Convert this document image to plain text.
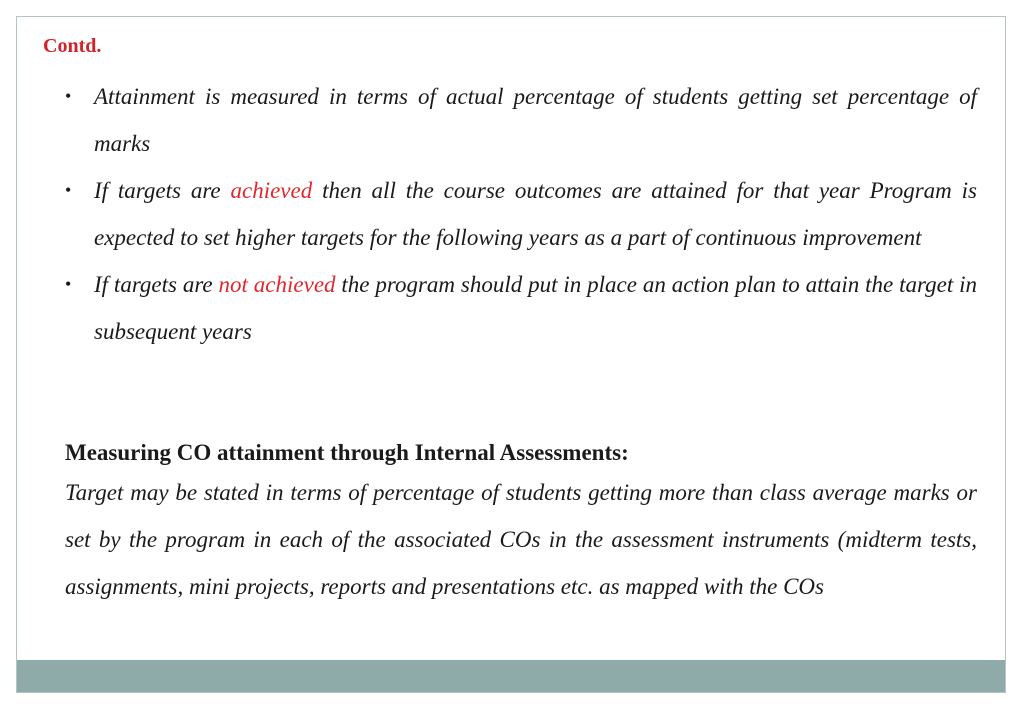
Contd.
• Attainment is measured in terms of actual percentage of students getting set percentage of marks
• If targets are achieved then all the course outcomes are attained for that year Program is expected to set higher targets for the following years as a part of continuous improvement
• If targets are not achieved the program should put in place an action plan to attain the target in subsequent years
Measuring CO attainment through Internal Assessments:

Target may be stated in terms of percentage of students getting more than class average marks or set by the program in each of the associated COs in the assessment instruments (midterm tests, assignments, mini projects, reports and presentations etc. as mapped with the COs
